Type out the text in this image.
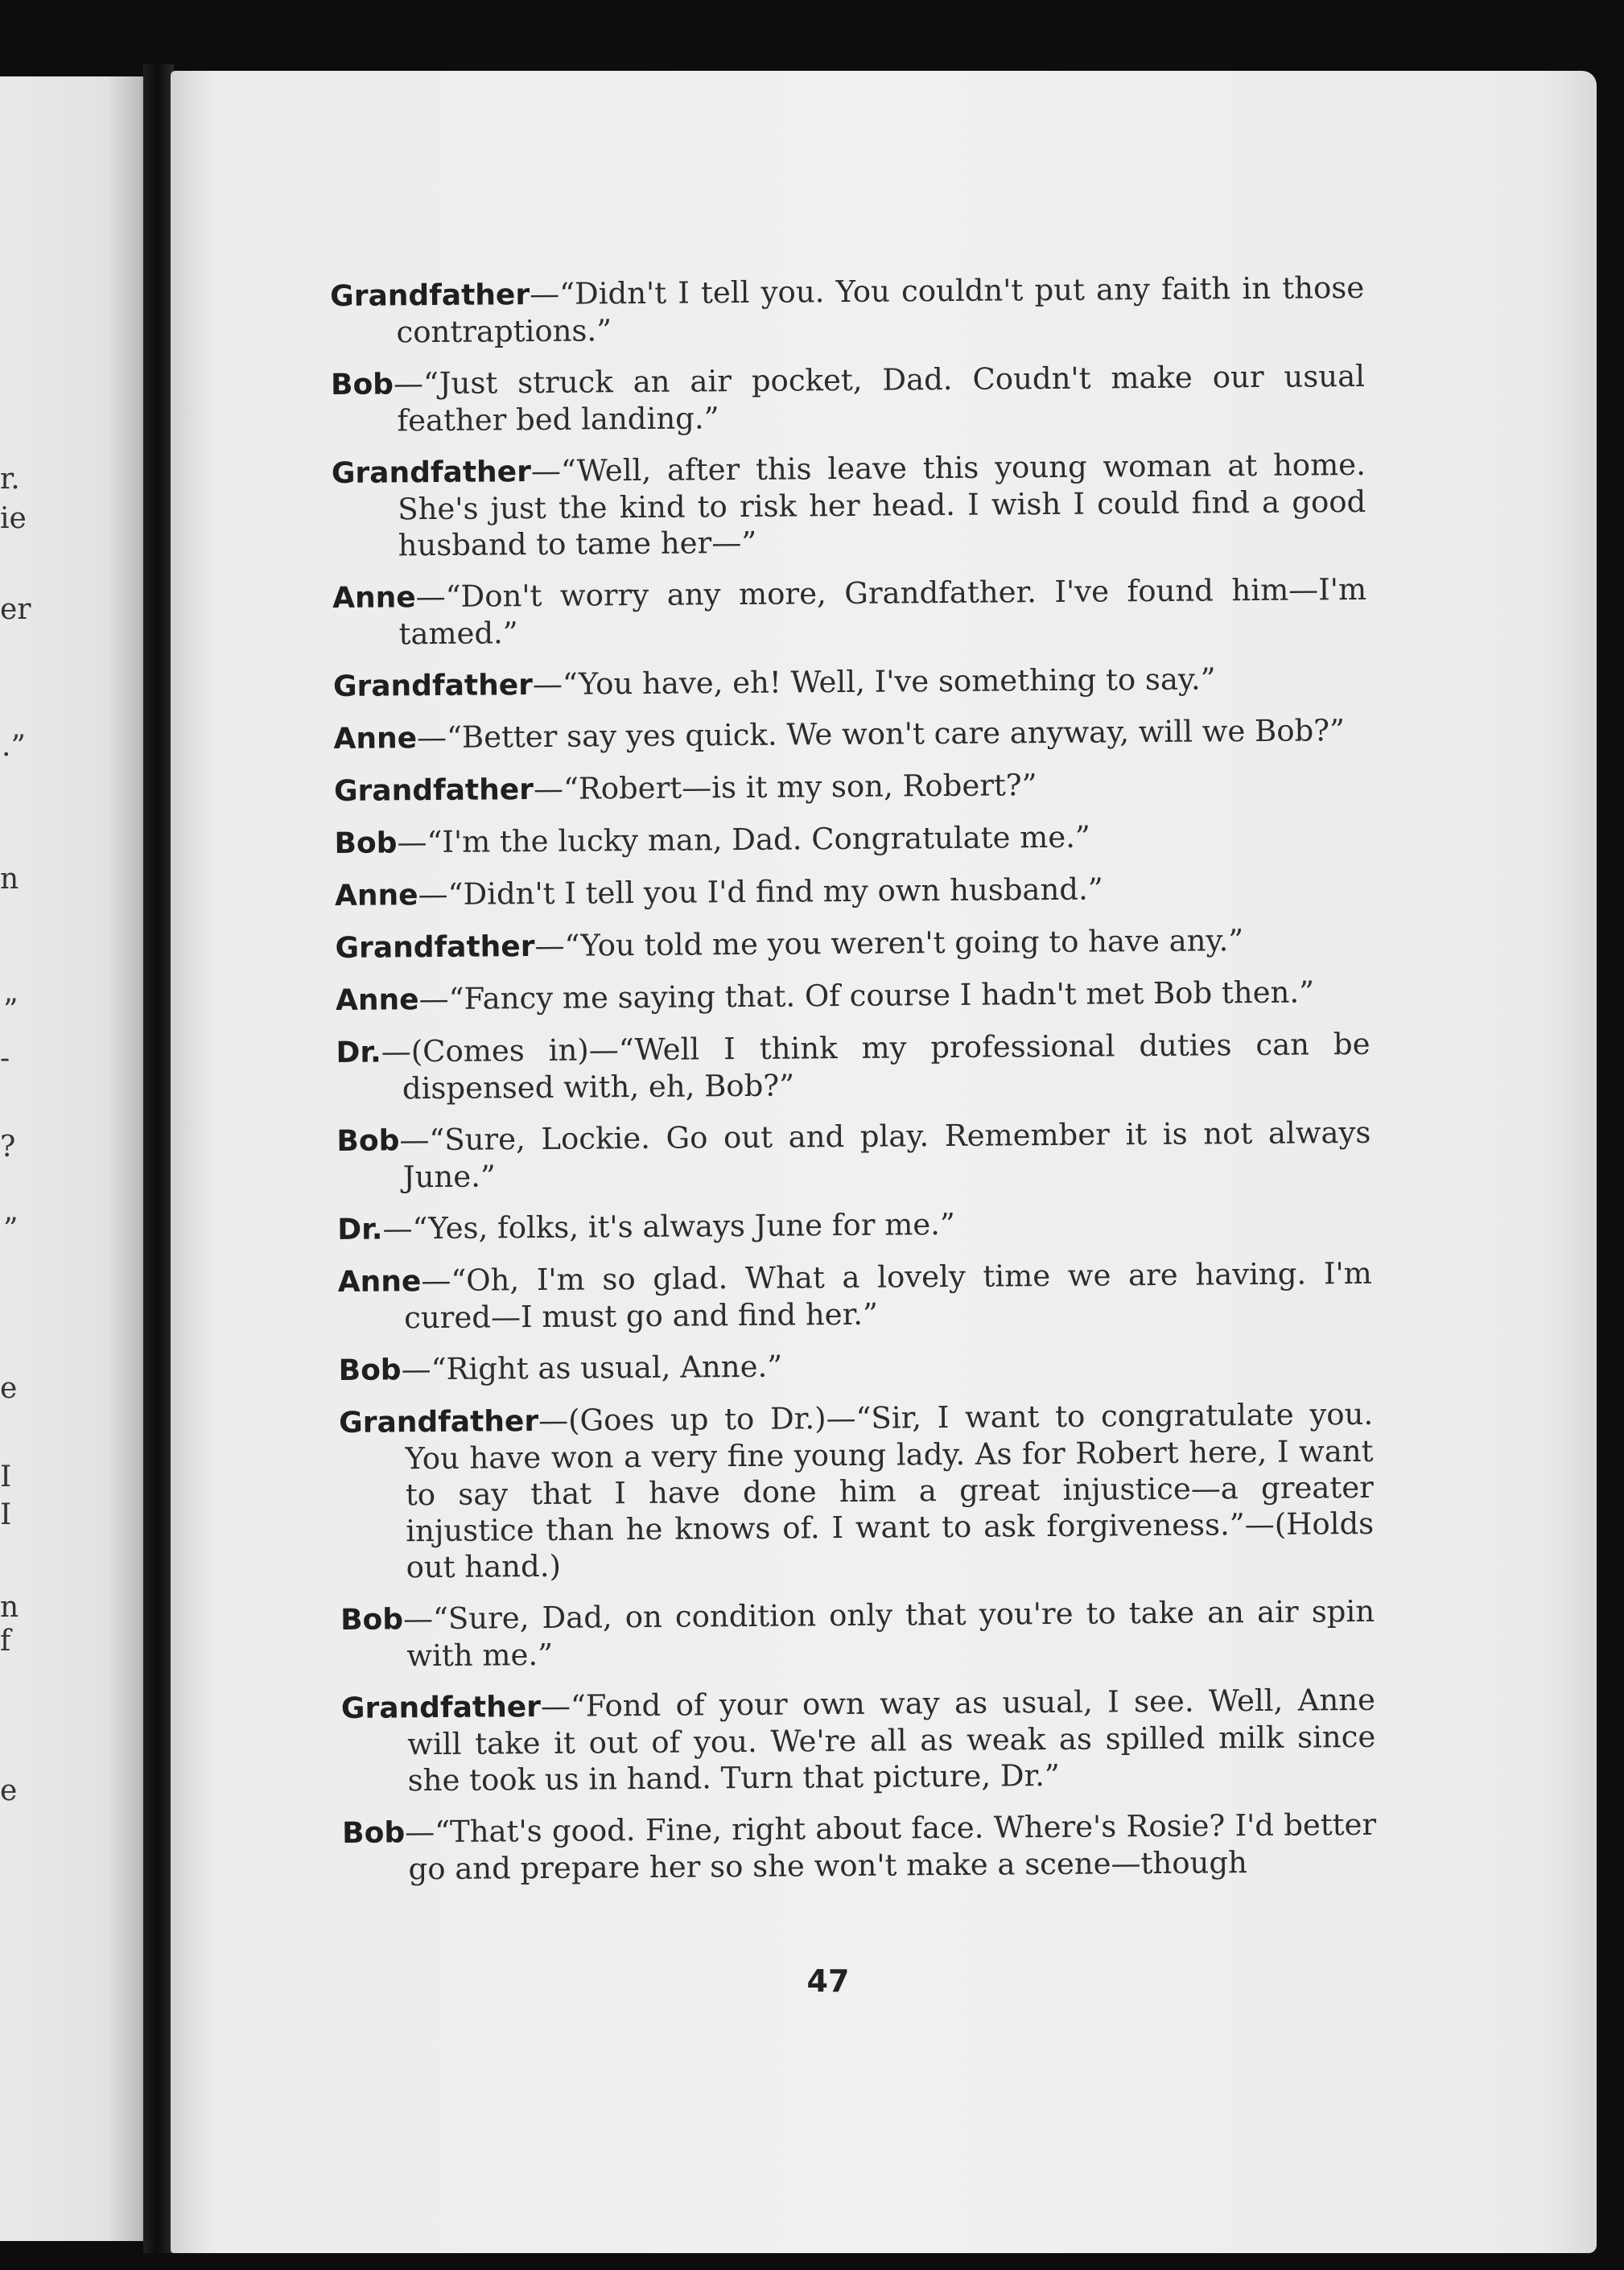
r.
ie
er
.”
n
”
-
?
”
e
I
I
n
f
e

Grandfather—“Didn't I tell you. You couldn't put any faith in those contraptions.”

Bob—“Just struck an air pocket, Dad. Coudn't make our usual feather bed landing.”

Grandfather—“Well, after this leave this young woman at home. She's just the kind to risk her head. I wish I could find a good husband to tame her—”

Anne—“Don't worry any more, Grandfather. I've found him—I'm tamed.”

Grandfather—“You have, eh! Well, I've something to say.”

Anne—“Better say yes quick. We won't care anyway, will we Bob?”

Grandfather—“Robert—is it my son, Robert?”

Bob—“I'm the lucky man, Dad. Congratulate me.”

Anne—“Didn't I tell you I'd find my own husband.”

Grandfather—“You told me you weren't going to have any.”

Anne—“Fancy me saying that. Of course I hadn't met Bob then.”

Dr.—(Comes in)—“Well I think my professional duties can be dispensed with, eh, Bob?”

Bob—“Sure, Lockie. Go out and play. Remember it is not always June.”

Dr.—“Yes, folks, it's always June for me.”

Anne—“Oh, I'm so glad. What a lovely time we are having. I'm cured—I must go and find her.”

Bob—“Right as usual, Anne.”

Grandfather—(Goes up to Dr.)—“Sir, I want to congratulate you. You have won a very fine young lady. As for Robert here, I want to say that I have done him a great injustice—a greater injustice than he knows of. I want to ask forgiveness.”—(Holds out hand.)

Bob—“Sure, Dad, on condition only that you're to take an air spin with me.”

Grandfather—“Fond of your own way as usual, I see. Well, Anne will take it out of you. We're all as weak as spilled milk since she took us in hand. Turn that picture, Dr.”

Bob—“That's good. Fine, right about face. Where's Rosie? I'd better go and prepare her so she won't make a scene—though

47
